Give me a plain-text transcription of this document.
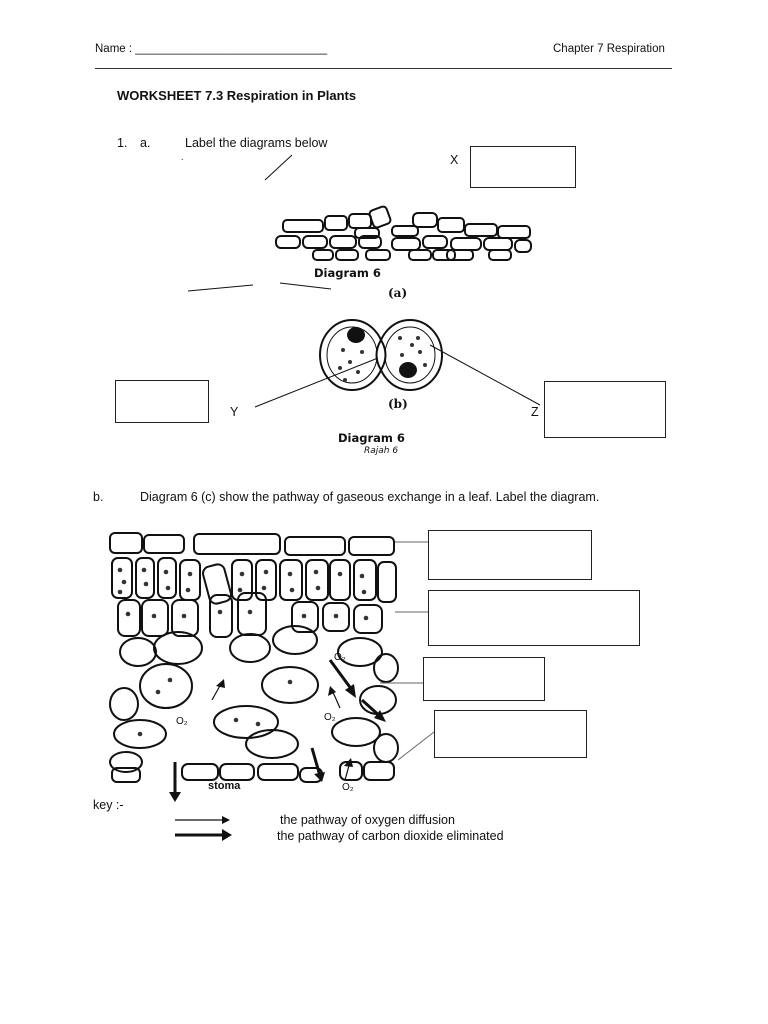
Name : ______________________________	Chapter 7 Respiration
WORKSHEET 7.3 Respiration in Plants
1. a.	Label the diagrams below
.	X
Diagram 6
(a)
Y
(b)
Z
Diagram 6
Rajah 6
b.	Diagram 6 (c) show the pathway of gaseous exchange in a leaf. Label the diagram.
O₂
O₂
O₂
O₂
stoma
key :-
the pathway of oxygen diffusion
the pathway of carbon dioxide eliminated
